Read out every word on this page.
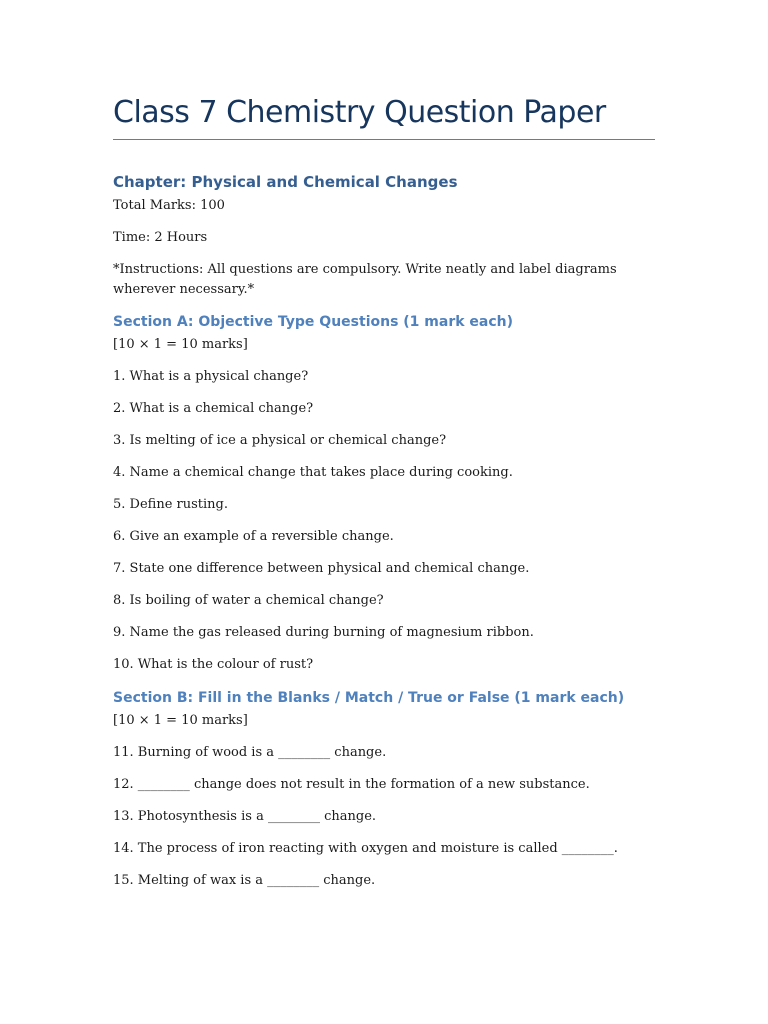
Class 7 Chemistry Question Paper
Chapter: Physical and Chemical Changes
Total Marks: 100
Time: 2 Hours
*Instructions: All questions are compulsory. Write neatly and label diagrams wherever necessary.*
Section A: Objective Type Questions (1 mark each)
[10 × 1 = 10 marks]
1. What is a physical change?
2. What is a chemical change?
3. Is melting of ice a physical or chemical change?
4. Name a chemical change that takes place during cooking.
5. Define rusting.
6. Give an example of a reversible change.
7. State one difference between physical and chemical change.
8. Is boiling of water a chemical change?
9. Name the gas released during burning of magnesium ribbon.
10. What is the colour of rust?
Section B: Fill in the Blanks / Match / True or False (1 mark each)
[10 × 1 = 10 marks]
11. Burning of wood is a ________ change.
12. ________ change does not result in the formation of a new substance.
13. Photosynthesis is a ________ change.
14. The process of iron reacting with oxygen and moisture is called ________.
15. Melting of wax is a ________ change.
